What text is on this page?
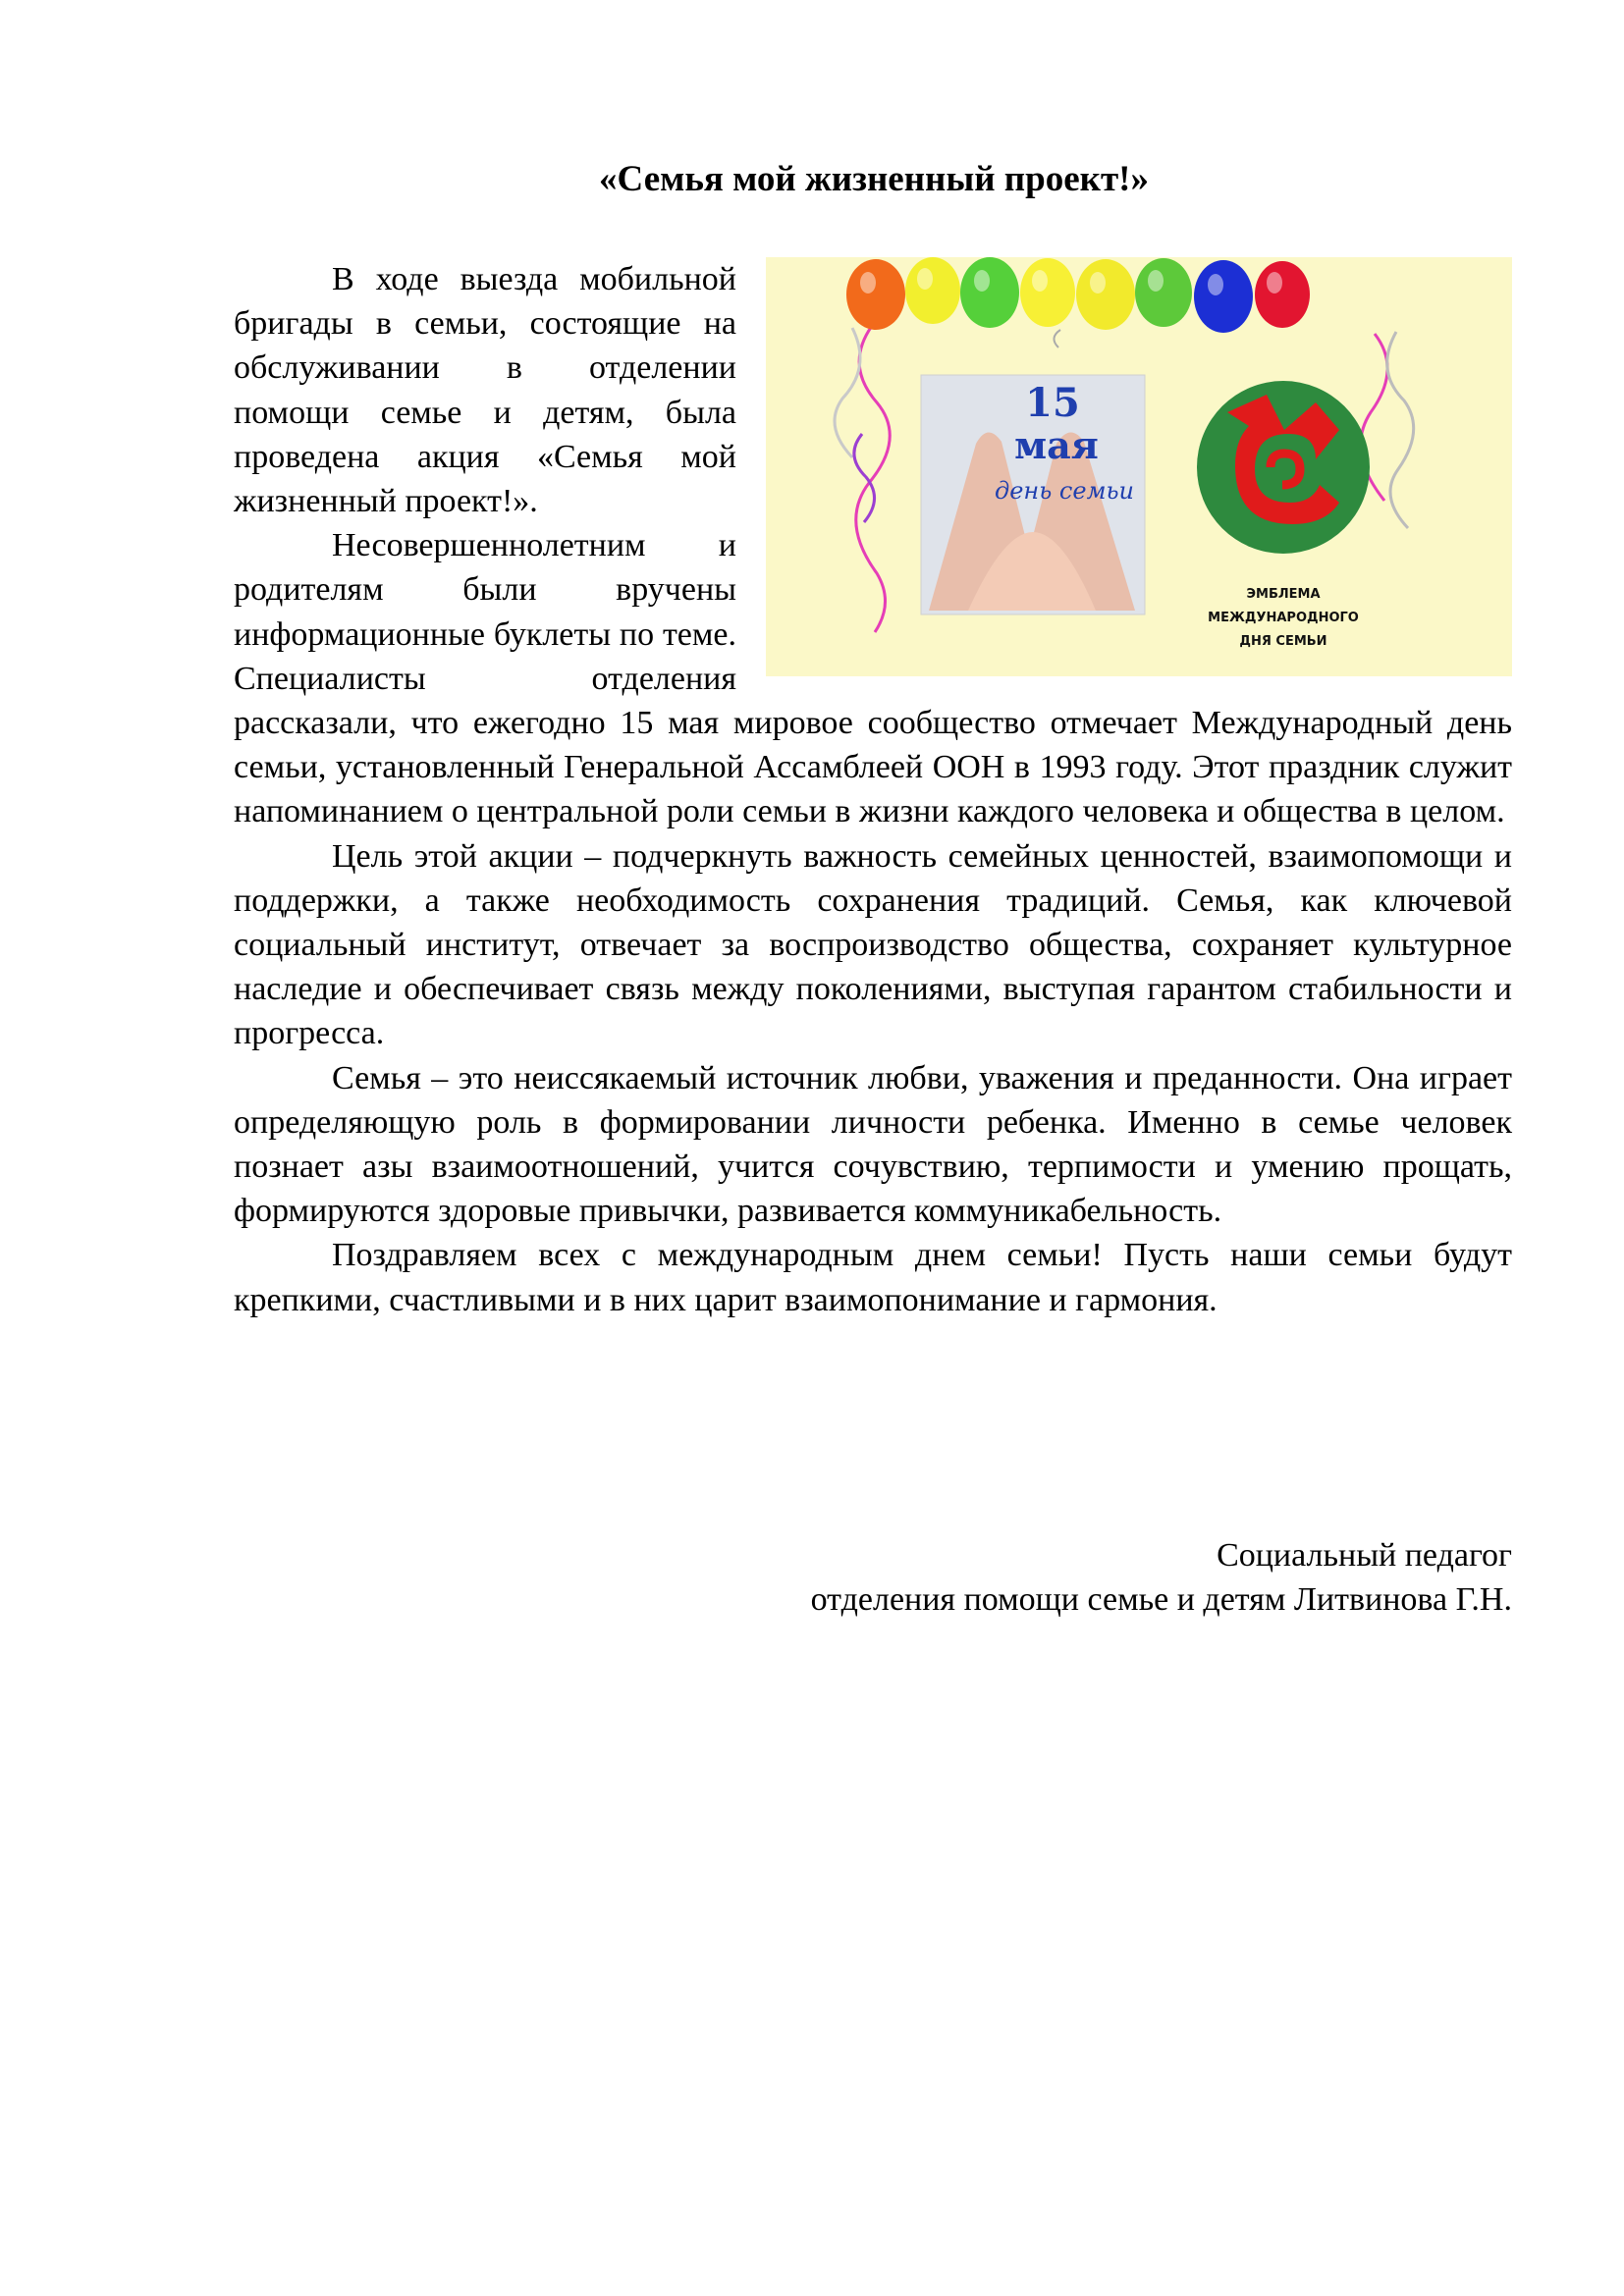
«Семья мой жизненный проект!»
15
мая
день семьи
ЭМБЛЕМА
МЕЖДУНАРОДНОГО
ДНЯ СЕМЬИ

В ходе выезда мобильной бригады в семьи, состоящие на обслуживании в отделении помощи семье и детям, была проведена акция «Семья мой жизненный проект!».

Несовершеннолетним и родителям были вручены информационные буклеты по теме. Специалисты отделения рассказали, что ежегодно 15 мая мировое сообщество отмечает Международный день семьи, установленный Генеральной Ассамблеей ООН в 1993 году. Этот праздник служит напоминанием о центральной роли семьи в жизни каждого человека и общества в целом.

Цель этой акции – подчеркнуть важность семейных ценностей, взаимопомощи и поддержки, а также необходимость сохранения традиций. Семья, как ключевой социальный институт, отвечает за воспроизводство общества, сохраняет культурное наследие и обеспечивает связь между поколениями, выступая гарантом стабильности и прогресса.

Семья – это неиссякаемый источник любви, уважения и преданности. Она играет определяющую роль в формировании личности ребенка. Именно в семье человек познает азы взаимоотношений, учится сочувствию, терпимости и умению прощать, формируются здоровые привычки, развивается коммуникабельность.

Поздравляем всех с международным днем семьи! Пусть наши семьи будут крепкими, счастливыми и в них царит взаимопонимание и гармония.

Социальный педагог
отделения помощи семье и детям Литвинова Г.Н.
